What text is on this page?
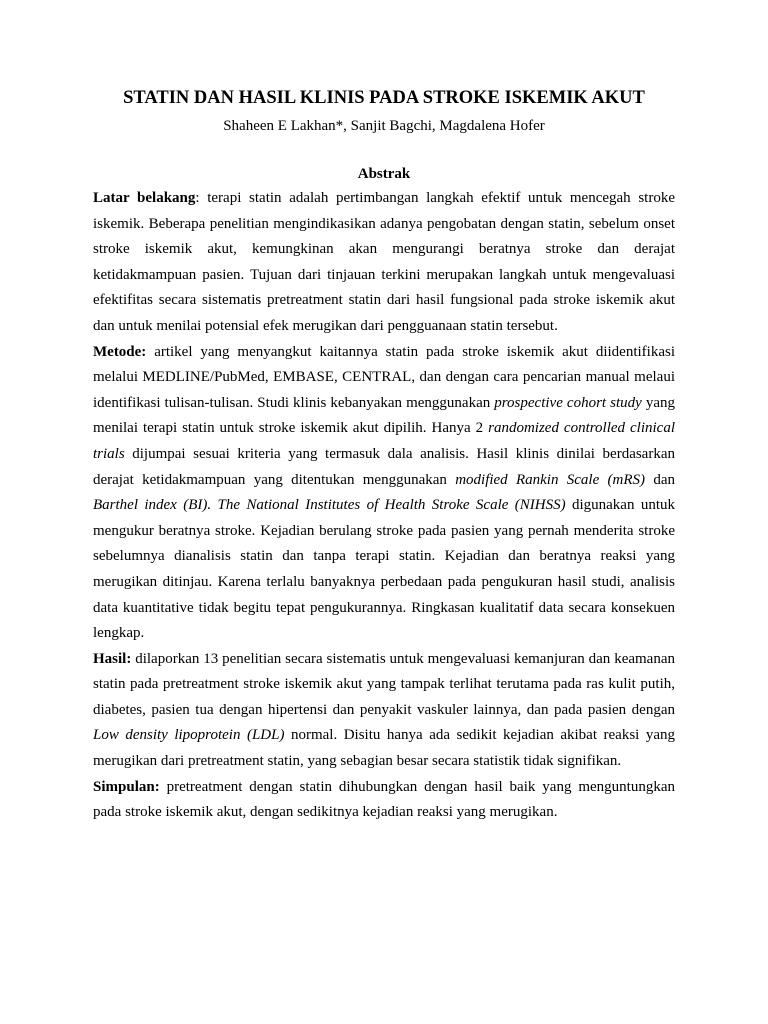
STATIN DAN HASIL KLINIS PADA STROKE ISKEMIK AKUT
Shaheen E Lakhan*, Sanjit Bagchi, Magdalena Hofer
Abstrak

Latar belakang: terapi statin adalah pertimbangan langkah efektif untuk mencegah stroke iskemik. Beberapa penelitian mengindikasikan adanya pengobatan dengan statin, sebelum onset stroke iskemik akut, kemungkinan akan mengurangi beratnya stroke dan derajat ketidakmampuan pasien. Tujuan dari tinjauan terkini merupakan langkah untuk mengevaluasi efektifitas secara sistematis pretreatment statin dari hasil fungsional pada stroke iskemik akut dan untuk menilai potensial efek merugikan dari pengguanaan statin tersebut.

Metode: artikel yang menyangkut kaitannya statin pada stroke iskemik akut diidentifikasi melalui MEDLINE/PubMed, EMBASE, CENTRAL, dan dengan cara pencarian manual melaui identifikasi tulisan-tulisan. Studi klinis kebanyakan menggunakan prospective cohort study yang menilai terapi statin untuk stroke iskemik akut dipilih. Hanya 2 randomized controlled clinical trials dijumpai sesuai kriteria yang termasuk dala analisis. Hasil klinis dinilai berdasarkan derajat ketidakmampuan yang ditentukan menggunakan modified Rankin Scale (mRS) dan Barthel index (BI). The National Institutes of Health Stroke Scale (NIHSS) digunakan untuk mengukur beratnya stroke. Kejadian berulang stroke pada pasien yang pernah menderita stroke sebelumnya dianalisis statin dan tanpa terapi statin. Kejadian dan beratnya reaksi yang merugikan ditinjau. Karena terlalu banyaknya perbedaan pada pengukuran hasil studi, analisis data kuantitative tidak begitu tepat pengukurannya. Ringkasan kualitatif data secara konsekuen lengkap.

Hasil: dilaporkan 13 penelitian secara sistematis untuk mengevaluasi kemanjuran dan keamanan statin pada pretreatment stroke iskemik akut yang tampak terlihat terutama pada ras kulit putih, diabetes, pasien tua dengan hipertensi dan penyakit vaskuler lainnya, dan pada pasien dengan Low density lipoprotein (LDL) normal. Disitu hanya ada sedikit kejadian akibat reaksi yang merugikan dari pretreatment statin, yang sebagian besar secara statistik tidak signifikan.

Simpulan: pretreatment dengan statin dihubungkan dengan hasil baik yang menguntungkan pada stroke iskemik akut, dengan sedikitnya kejadian reaksi yang merugikan.
